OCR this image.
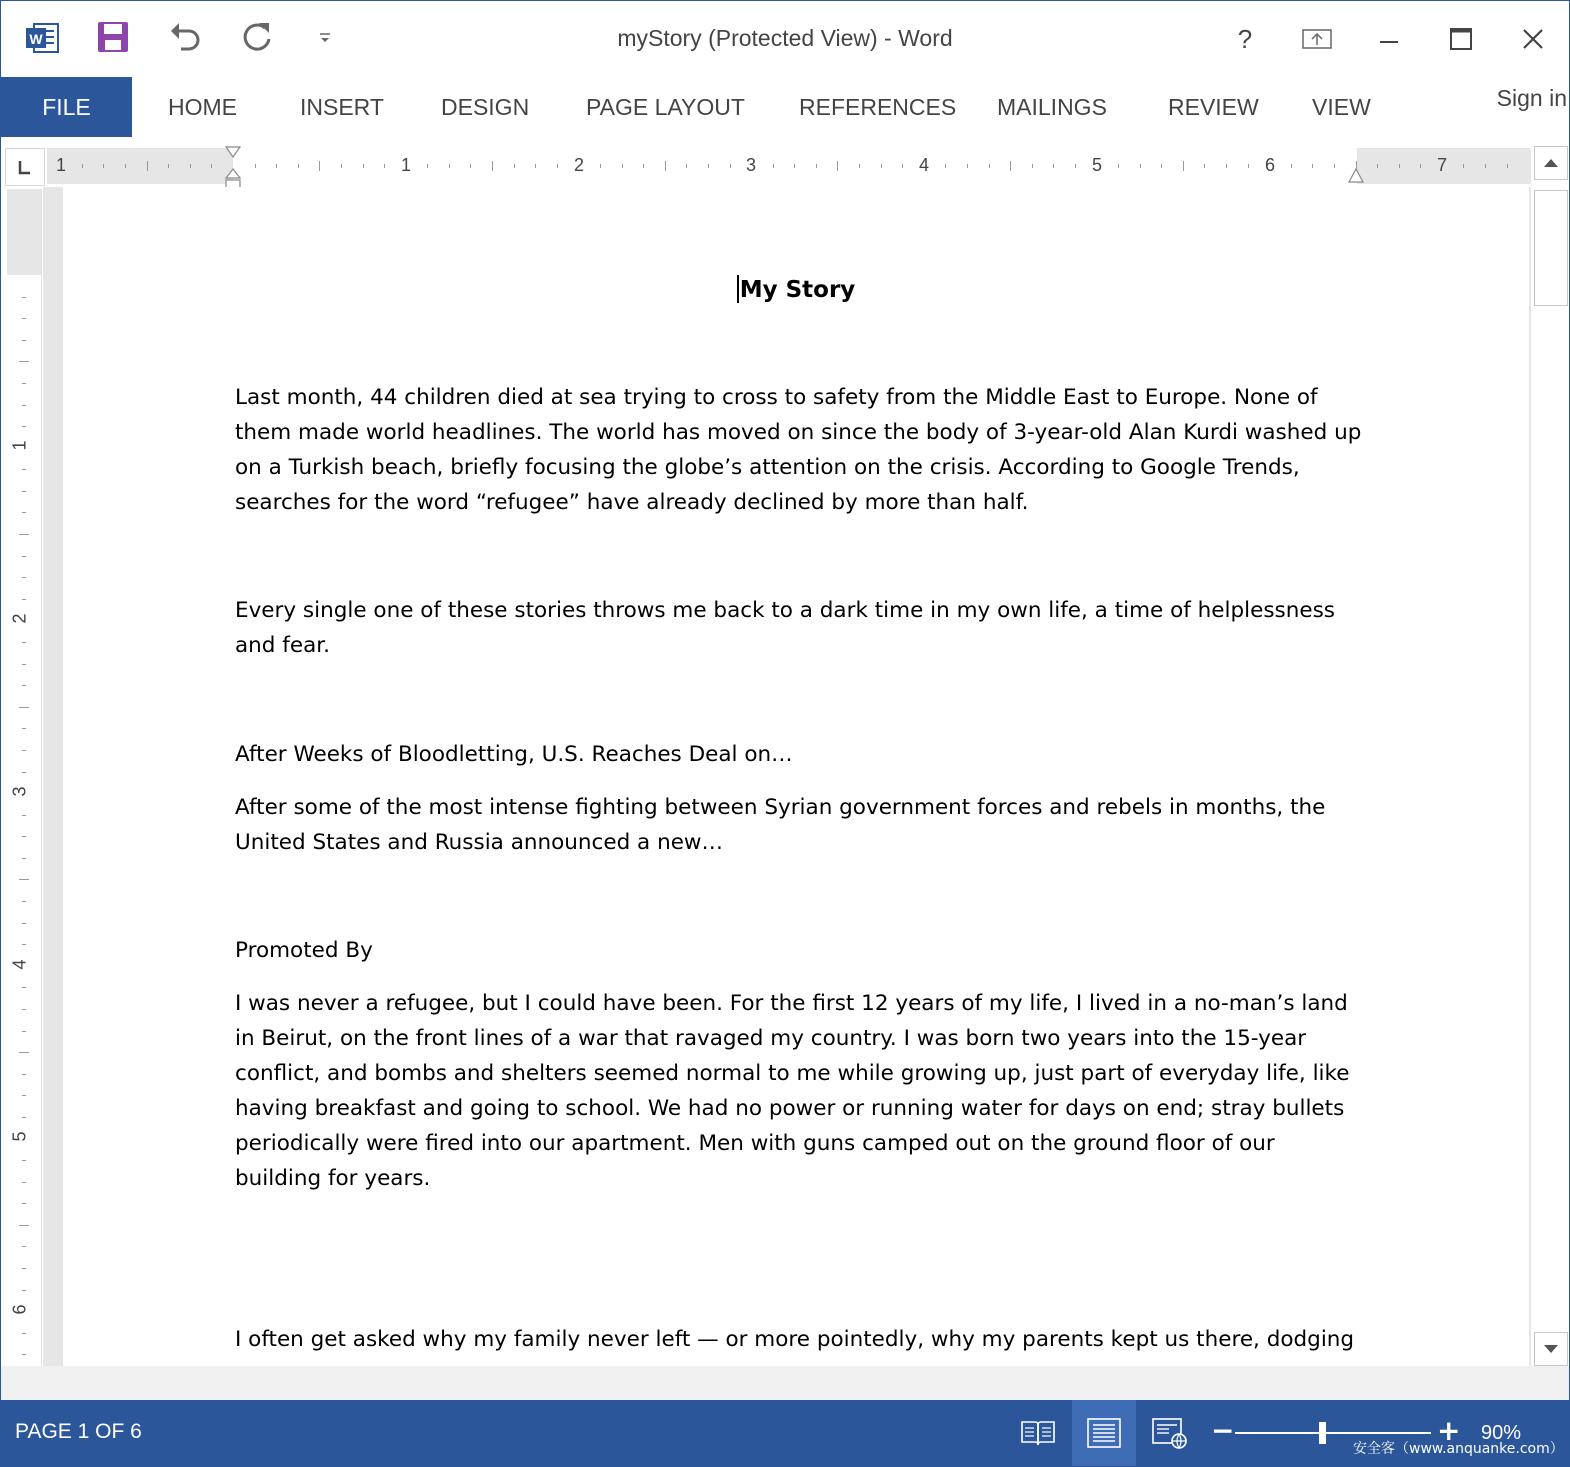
W	myStory (Protected View) - Word	?
FILE	HOME	INSERT DESIGN PAGE LAYOUT REFERENCES MAILINGS	REVIEW VIEW	Sign in
1	1	2	3	4	5	6	7
1
2
3
4
5
6
My Story
Last month, 44 children died at sea trying to cross to safety from the Middle East to Europe. None of them made world headlines. The world has moved on since the body of 3-year-old Alan Kurdi washed up on a Turkish beach, briefly focusing the globe’s attention on the crisis. According to Google Trends, searches for the word “refugee” have already declined by more than half.
Every single one of these stories throws me back to a dark time in my own life, a time of helplessness and fear.
After Weeks of Bloodletting, U.S. Reaches Deal on…
After some of the most intense fighting between Syrian government forces and rebels in months, the United States and Russia announced a new…
Promoted By
I was never a refugee, but I could have been. For the first 12 years of my life, I lived in a no-man’s land in Beirut, on the front lines of a war that ravaged my country. I was born two years into the 15-year conflict, and bombs and shelters seemed normal to me while growing up, just part of everyday life, like having breakfast and going to school. We had no power or running water for days on end; stray bullets periodically were fired into our apartment. Men with guns camped out on the ground floor of our building for years.
I often get asked why my family never left — or more pointedly, why my parents kept us there, dodging
PAGE 1 OF 6	−	+ 90%
安全客（www.anquanke.com）
